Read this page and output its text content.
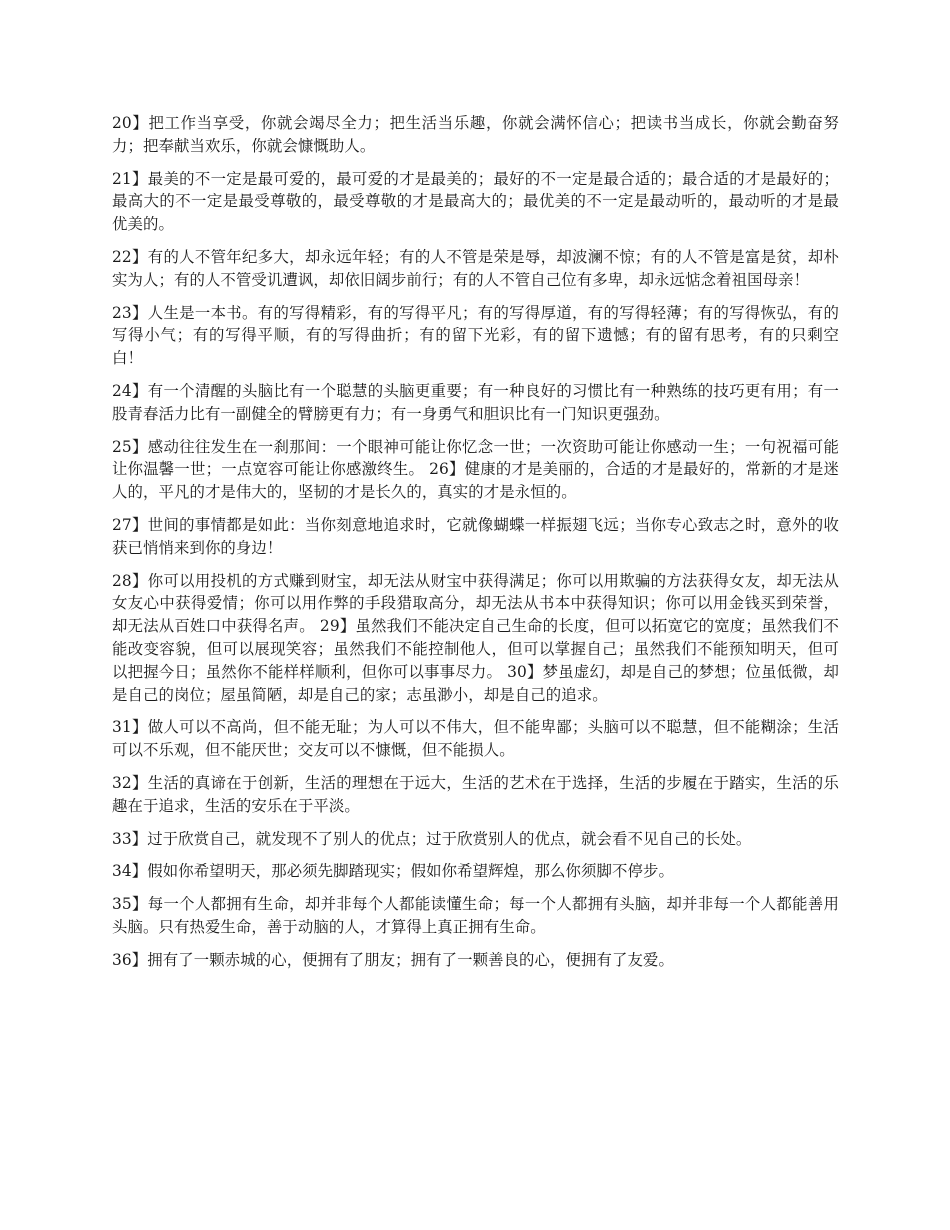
20】把工作当享受，你就会竭尽全力；把生活当乐趣，你就会满怀信心；把读书当成长，你就会勤奋努力；把奉献当欢乐，你就会慷慨助人。

21】最美的不一定是最可爱的，最可爱的才是最美的；最好的不一定是最合适的；最合适的才是最好的；最高大的不一定是最受尊敬的，最受尊敬的才是最高大的；最优美的不一定是最动听的，最动听的才是最优美的。

22】有的人不管年纪多大，却永远年轻；有的人不管是荣是辱，却波澜不惊；有的人不管是富是贫，却朴实为人；有的人不管受讥遭讽，却依旧阔步前行；有的人不管自己位有多卑，却永远惦念着祖国母亲！

23】人生是一本书。有的写得精彩，有的写得平凡；有的写得厚道，有的写得轻薄；有的写得恢弘，有的写得小气；有的写得平顺，有的写得曲折；有的留下光彩，有的留下遗憾；有的留有思考，有的只剩空白！

24】有一个清醒的头脑比有一个聪慧的头脑更重要；有一种良好的习惯比有一种熟练的技巧更有用；有一股青春活力比有一副健全的臂膀更有力；有一身勇气和胆识比有一门知识更强劲。

25】感动往往发生在一刹那间：一个眼神可能让你忆念一世；一次资助可能让你感动一生；一句祝福可能让你温馨一世；一点宽容可能让你感激终生。 26】健康的才是美丽的，合适的才是最好的，常新的才是迷人的，平凡的才是伟大的，坚韧的才是长久的，真实的才是永恒的。

27】世间的事情都是如此：当你刻意地追求时，它就像蝴蝶一样振翅飞远；当你专心致志之时，意外的收获已悄悄来到你的身边！

28】你可以用投机的方式赚到财宝，却无法从财宝中获得满足；你可以用欺骗的方法获得女友，却无法从女友心中获得爱情；你可以用作弊的手段猎取高分，却无法从书本中获得知识；你可以用金钱买到荣誉，却无法从百姓口中获得名声。 29】虽然我们不能决定自己生命的长度，但可以拓宽它的宽度；虽然我们不能改变容貌，但可以展现笑容；虽然我们不能控制他人，但可以掌握自己；虽然我们不能预知明天，但可以把握今日；虽然你不能样样顺利，但你可以事事尽力。 30】梦虽虚幻，却是自己的梦想；位虽低微，却是自己的岗位；屋虽简陋，却是自己的家；志虽渺小，却是自己的追求。

31】做人可以不高尚，但不能无耻；为人可以不伟大，但不能卑鄙；头脑可以不聪慧，但不能糊涂；生活可以不乐观，但不能厌世；交友可以不慷慨，但不能损人。

32】生活的真谛在于创新，生活的理想在于远大，生活的艺术在于选择，生活的步履在于踏实，生活的乐趣在于追求，生活的安乐在于平淡。

33】过于欣赏自己，就发现不了别人的优点；过于欣赏别人的优点，就会看不见自己的长处。

34】假如你希望明天，那必须先脚踏现实；假如你希望辉煌，那么你须脚不停步。

35】每一个人都拥有生命，却并非每个人都能读懂生命；每一个人都拥有头脑，却并非每一个人都能善用头脑。只有热爱生命，善于动脑的人，才算得上真正拥有生命。

36】拥有了一颗赤城的心，便拥有了朋友；拥有了一颗善良的心，便拥有了友爱。
